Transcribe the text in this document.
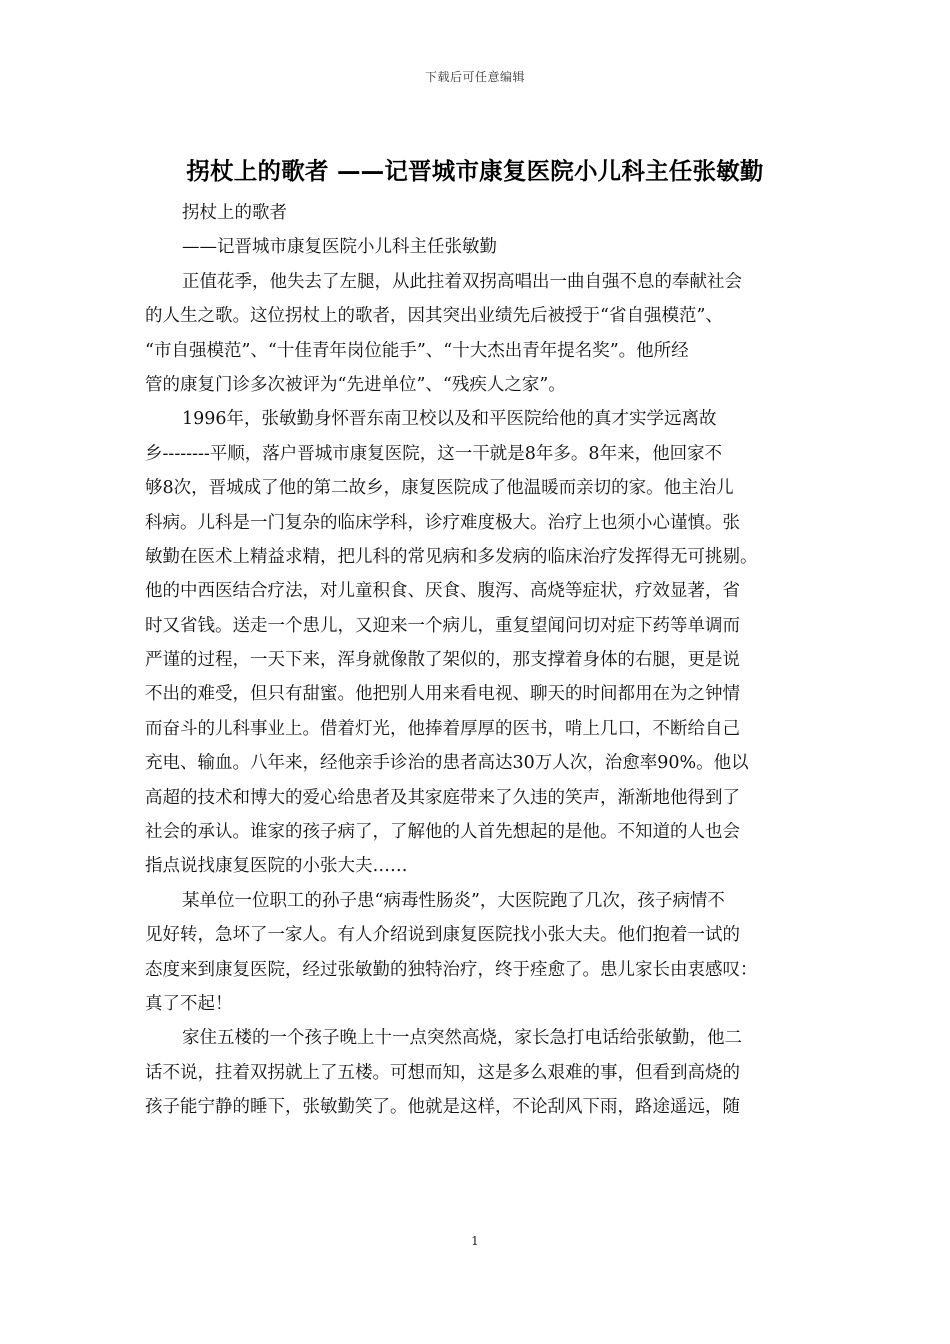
下载后可任意编辑
拐杖上的歌者 ——记晋城市康复医院小儿科主任张敏勤
拐杖上的歌者
——记晋城市康复医院小儿科主任张敏勤
正值花季，他失去了左腿，从此拄着双拐高唱出一曲自强不息的奉献社会
的人生之歌。这位拐杖上的歌者，因其突出业绩先后被授于“省自强模范”、
“市自强模范”、“十佳青年岗位能手”、“十大杰出青年提名奖”。他所经
管的康复门诊多次被评为“先进单位”、“残疾人之家”。
1996年，张敏勤身怀晋东南卫校以及和平医院给他的真才实学远离故
乡--------平顺，落户晋城市康复医院，这一干就是8年多。8年来，他回家不
够8次，晋城成了他的第二故乡，康复医院成了他温暖而亲切的家。他主治儿
科病。儿科是一门复杂的临床学科，诊疗难度极大。治疗上也须小心谨慎。张
敏勤在医术上精益求精，把儿科的常见病和多发病的临床治疗发挥得无可挑剔。
他的中西医结合疗法，对儿童积食、厌食、腹泻、高烧等症状，疗效显著，省
时又省钱。送走一个患儿，又迎来一个病儿，重复望闻问切对症下药等单调而
严谨的过程，一天下来，浑身就像散了架似的，那支撑着身体的右腿，更是说
不出的难受，但只有甜蜜。他把别人用来看电视、聊天的时间都用在为之钟情
而奋斗的儿科事业上。借着灯光，他捧着厚厚的医书，啃上几口，不断给自己
充电、输血。八年来，经他亲手诊治的患者高达30万人次，治愈率90%。他以
高超的技术和博大的爱心给患者及其家庭带来了久违的笑声，渐渐地他得到了
社会的承认。谁家的孩子病了，了解他的人首先想起的是他。不知道的人也会
指点说找康复医院的小张大夫……
某单位一位职工的孙子患“病毒性肠炎”，大医院跑了几次，孩子病情不
见好转，急坏了一家人。有人介绍说到康复医院找小张大夫。他们抱着一试的
态度来到康复医院，经过张敏勤的独特治疗，终于痊愈了。患儿家长由衷感叹：
真了不起！
家住五楼的一个孩子晚上十一点突然高烧，家长急打电话给张敏勤，他二
话不说，拄着双拐就上了五楼。可想而知，这是多么艰难的事，但看到高烧的
孩子能宁静的睡下，张敏勤笑了。他就是这样，不论刮风下雨，路途遥远，随
1
